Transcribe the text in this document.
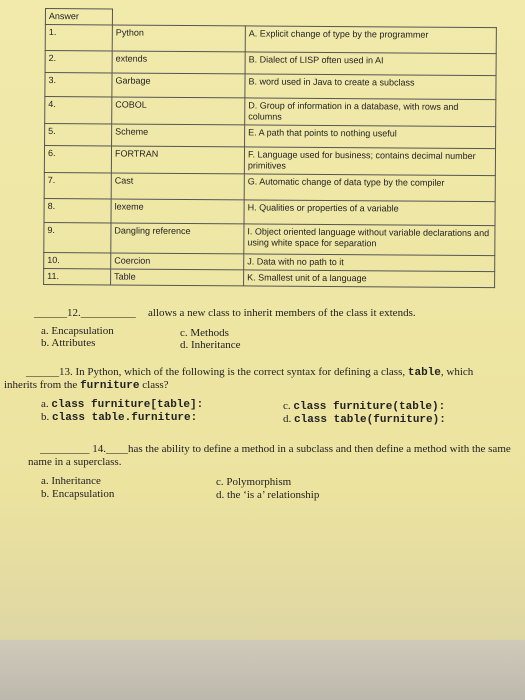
Answer		
1.	Python	A. Explicit change of type by the programmer
2.	extends	B. Dialect of LISP often used in AI
3.	Garbage	B. word used in Java to create a subclass
4.	COBOL	D. Group of information in a database, with rows and columns
5.	Scheme	E. A path that points to nothing useful
6.	FORTRAN	F. Language used for business; contains decimal number primitives
7.	Cast	G. Automatic change of data type by the compiler
8.	lexeme	H. Qualities or properties of a variable
9.	Dangling reference	I. Object oriented language without variable declarations and using white space for separation
10.	Coercion	J. Data with no path to it
11.	Table	K. Smallest unit of a language
______12.__________ allows a new class to inherit members of the class it extends.
a. Encapsulation
b. Attributes
c. Methods
d. Inheritance
______13. In Python, which of the following is the correct syntax for defining a class, table, which
inherits from the furniture class?
a. class furniture[table]:
b. class table.furniture:
c. class furniture(table):
d. class table(furniture):
_________ 14.____has the ability to define a method in a subclass and then define a method with the same
name in a superclass.
a. Inheritance
b. Encapsulation
c. Polymorphism
d. the ‘is a’ relationship
